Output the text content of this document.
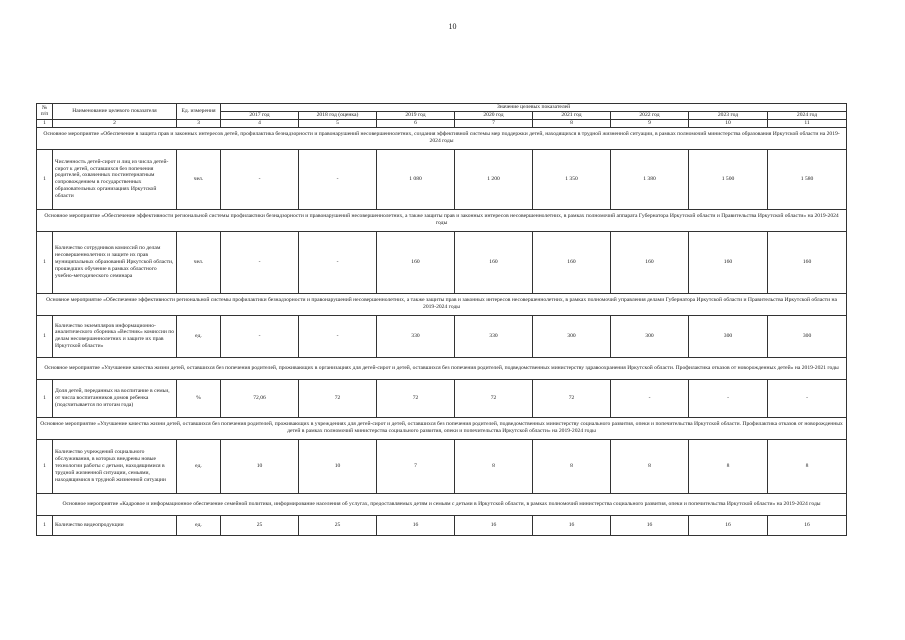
10
№ п/п	Наименование целевого показателя	Ед. измерения	Значение целевых показателей							
			2017 год	2018 год (оценка)	2019 год	2020 год	2021 год	2022 год	2023 год	2024 год
1	2	3	4	5	6	7	8	9	10	11
Основное мероприятие «Обеспечение в защита прав и законных интересов детей, профилактика безнадзорности и правонарушений несовершеннолетних, создания эффективной системы мер поддержки детей, находящихся в трудной жизненной ситуации, в рамках полномочий министерства образования Иркутской области на 2019-2024 годы										
1	Численность детей-сирот и лиц из числа детей-сирот к детей, оставшихся без попечения родителей, охваченных постинтернатным сопровождением в государственных образовательных организациях Иркутской области	чел.	-	-	1 080	1 200	1 350	1 380	1 500	1 580
Основное мероприятие «Обеспечение эффективности региональной системы профилактики безнадзорности и правонарушений несовершеннолетних, а также защиты прав и законных интересов несовершеннолетних, в рамках полномочий аппарата Губернатора Иркутской области и Правительства Иркутской области» на 2019-2024 годы										
1	Количество сотрудников комиссий по делам несовершеннолетних и защите их прав муниципальных образований Иркутской области, прошедших обучение в рамках областного учебно-методического семинара	чел.	-	-	160	160	160	160	160	160
Основное мероприятие «Обеспечение эффективности региональной системы профилактики безнадзорности и правонарушений несовершеннолетних, а также защиты прав и законных интересов несовершеннолетних, в рамках полномочий управления делами Губернатора Иркутской области и Правительства Иркутской области на 2019-2024 годы										
1	Количество экземпляров информационно-аналитического сборника «Вестник» комиссии по делам несовершеннолетних и защите их прав Иркутской области»	ед.	-	-	330	330	300	300	300	300
Основное мероприятие «Улучшение качества жизни детей, оставшихся без попечения родителей, проживающих в организациях для детей-сирот и детей, оставшихся без попечения родителей, подведомственных министерству здравоохранения Иркутской области. Профилактика отказов от новорожденных детей» на 2019-2021 годы										
1	Доля детей, переданных на воспитание в семьи, от числа воспитанников домов ребенка (подсчитывается по итогам года)	%	72,06	72	72	72	72	-	-	-
Основное мероприятие «Улучшение качества жизни детей, оставшихся без попечения родителей, проживающих в учреждениях для детей-сирот и детей, оставшихся без попечения родителей, подведомственных министерству социального развития, опеки и попечительства Иркутской области. Профилактика отказов от новорожденных детей в рамках полномочий министерства социального развития, опеки и попечительства Иркутской области» на 2019-2024 годы										
1	Количество учреждений социального обслуживания, в которых внедрены новые технологии работы с детьми, находящимися в трудной жизненной ситуации, семьями, находящимися в трудной жизненной ситуации	ед.	10	10	7	8	8	8	8	8
Основное мероприятие «Кадровое и информационное обеспечение семейной политики, информирование населения об услугах, предоставляемых детям и семьям с детьми в Иркутской области, в рамках полномочий министерства социального развития, опеки и попечительства Иркутской области» на 2019-2024 годы										
1	Количество видеопродукции	ед.	25	25	16	16	16	16	16	16
